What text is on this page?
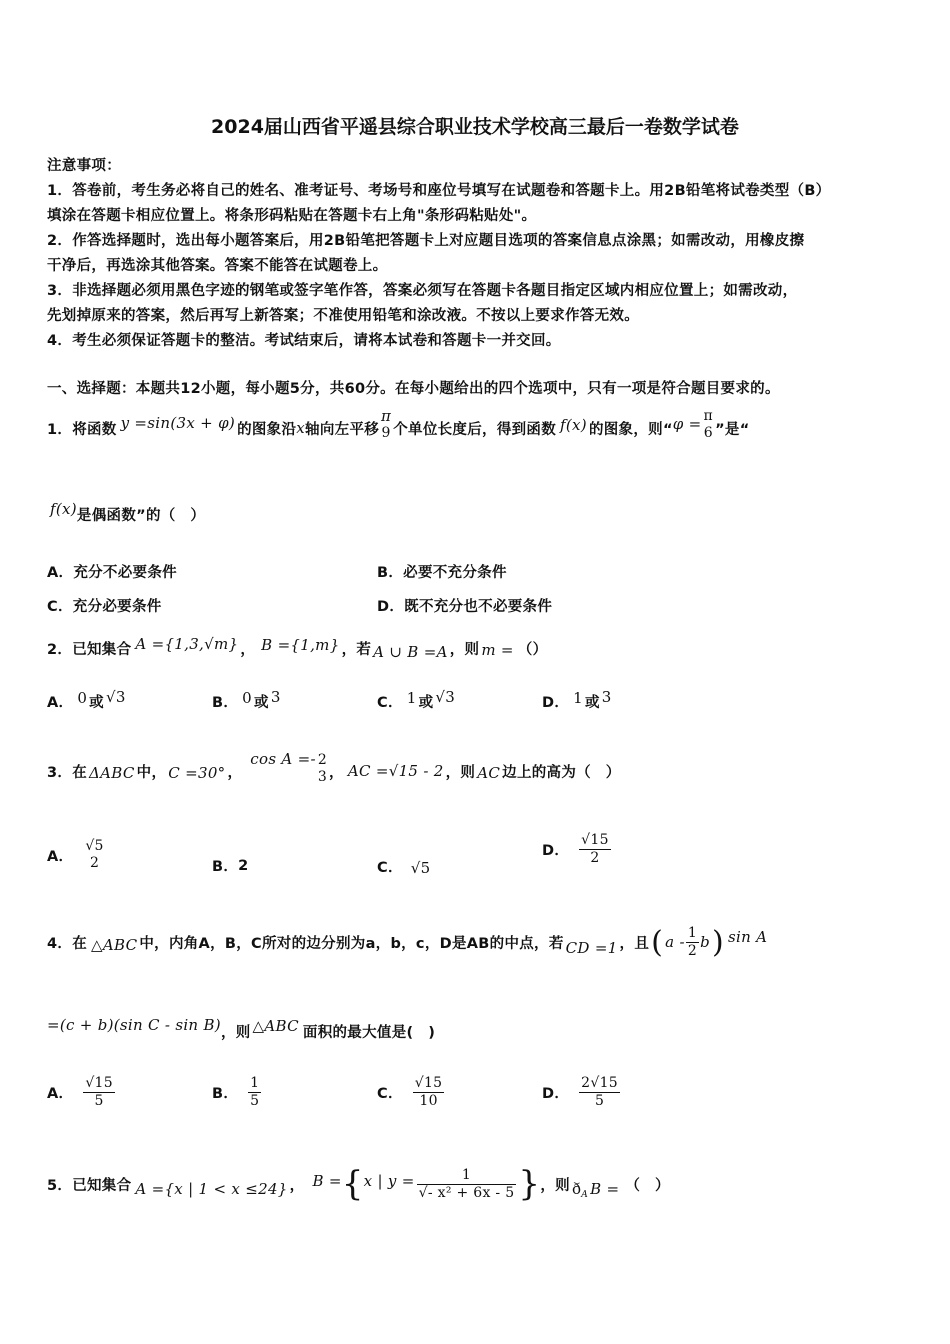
2024届山西省平遥县综合职业技术学校高三最后一卷数学试卷
注意事项：
1．答卷前，考生务必将自己的姓名、准考证号、考场号和座位号填写在试题卷和答题卡上。用2B铅笔将试卷类型（B）
填涂在答题卡相应位置上。将条形码粘贴在答题卡右上角"条形码粘贴处"。
2．作答选择题时，选出每小题答案后，用2B铅笔把答题卡上对应题目选项的答案信息点涂黑；如需改动，用橡皮擦
干净后，再选涂其他答案。答案不能答在试题卷上。
3．非选择题必须用黑色字迹的钢笔或签字笔作答，答案必须写在答题卡各题目指定区域内相应位置上；如需改动，
先划掉原来的答案，然后再写上新答案；不准使用铅笔和涂改液。不按以上要求作答无效。
4．考生必须保证答题卡的整洁。考试结束后，请将本试卷和答题卡一并交回。
一、选择题：本题共12小题，每小题5分，共60分。在每小题给出的四个选项中，只有一项是符合题目要求的。
1．将函数 y =sin(3x + φ) 的图象沿 x 轴向左平移
π
9 个单位长度后，得到函数 f(x) 的图象，则“ φ = π
6 ”是“
f(x) 是偶函数”的（　）
A．充分不必要条件	B．必要不充分条件
C．充分必要条件	D．既不充分也不必要条件
2．已知集合 A ={1,3,√m} ， B ={1,m} ，若 A ∪ B =A ，则 m = （）
A． 0 或 √3	B． 0 或 3	C． 1 或 √3	D． 1 或 3
3．在 ΔABC 中， C =30° ，
cos A =- 2
3 ， AC =√15 - 2 ，则 AC 边上的高为（　）
A．
√5
2	B． 2	C． √5
D． $\frac{√15}{2}$
4．在 △ABC 中，内角A，B，C所对的边分别为a，b，c，D是AB的中点，若 CD =1 ，且 ( a - $\frac{1}{2}$ b ) sin A
=(c + b)(sin C - sin B) ，则 △ABC 面积的最大值是(　)
A． $\frac{√15}{5}$	B． $\frac{1}{5}$	C． $\frac{√15}{10}$	D． $\frac{2√15}{5}$
5．已知集合 A ={x | 1 < x ≤24} ， B = { x | $y = \frac{1}{\text{√- x² + 6x - 5}}$ } ，则 ð A B = （　）
